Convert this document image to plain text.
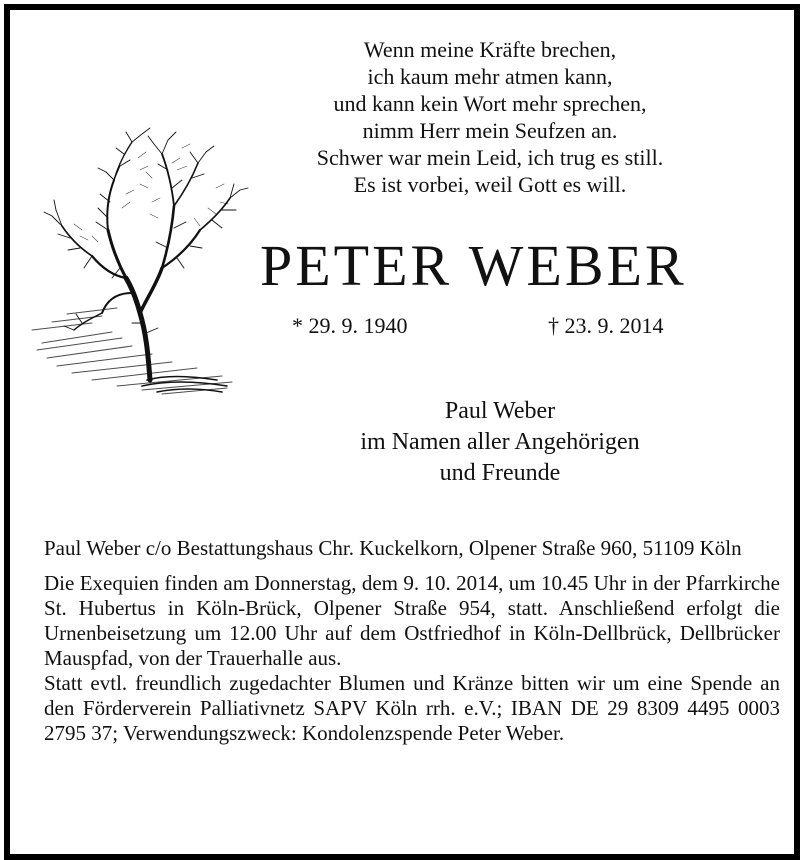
Wenn meine Kräfte brechen,
ich kaum mehr atmen kann,
und kann kein Wort mehr sprechen,
nimm Herr mein Seufzen an.
Schwer war mein Leid, ich trug es still.
Es ist vorbei, weil Gott es will.
PETER WEBER
* 29. 9. 1940	† 23. 9. 2014
Paul Weber
im Namen aller Angehörigen
und Freunde

Paul Weber c/o Bestattungshaus Chr. Kuckelkorn, Olpener Straße 960, 51109 Köln

Die Exequien finden am Donnerstag, dem 9. 10. 2014, um 10.45 Uhr in der Pfarrkirche St. Hubertus in Köln-Brück, Olpener Straße 954, statt. Anschließend erfolgt die Urnenbeisetzung um 12.00 Uhr auf dem Ostfriedhof in Köln-Dellbrück, Dellbrücker Mauspfad, von der Trauerhalle aus.

Statt evtl. freundlich zugedachter Blumen und Kränze bitten wir um eine Spende an den Förderverein Palliativnetz SAPV Köln rrh. e.V.; IBAN DE 29 8309 4495 0003 2795 37; Verwendungszweck: Kondolenzspende Peter Weber.
